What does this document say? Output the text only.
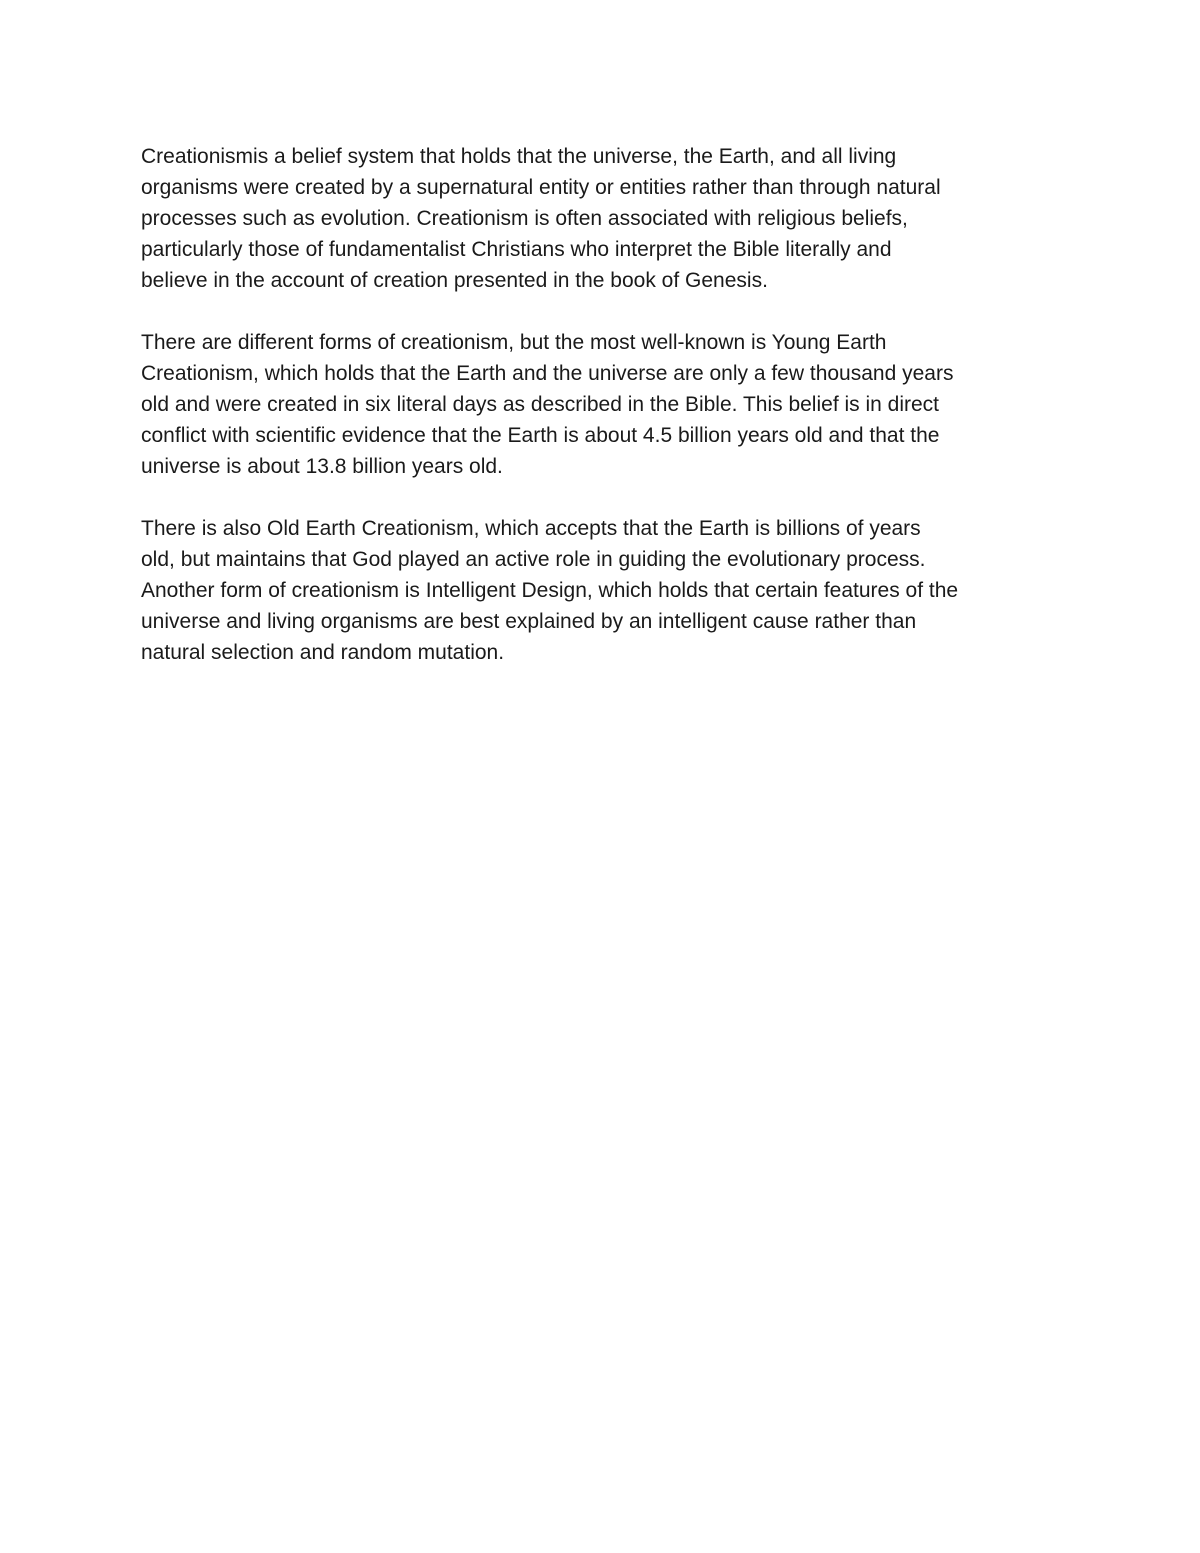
Creationismis a belief system that holds that the universe, the Earth, and all living
organisms were created by a supernatural entity or entities rather than through natural
processes such as evolution. Creationism is often associated with religious beliefs,
particularly those of fundamentalist Christians who interpret the Bible literally and
believe in the account of creation presented in the book of Genesis.

There are different forms of creationism, but the most well-known is Young Earth
Creationism, which holds that the Earth and the universe are only a few thousand years
old and were created in six literal days as described in the Bible. This belief is in direct
conflict with scientific evidence that the Earth is about 4.5 billion years old and that the
universe is about 13.8 billion years old.

There is also Old Earth Creationism, which accepts that the Earth is billions of years
old, but maintains that God played an active role in guiding the evolutionary process.
Another form of creationism is Intelligent Design, which holds that certain features of the
universe and living organisms are best explained by an intelligent cause rather than
natural selection and random mutation.
